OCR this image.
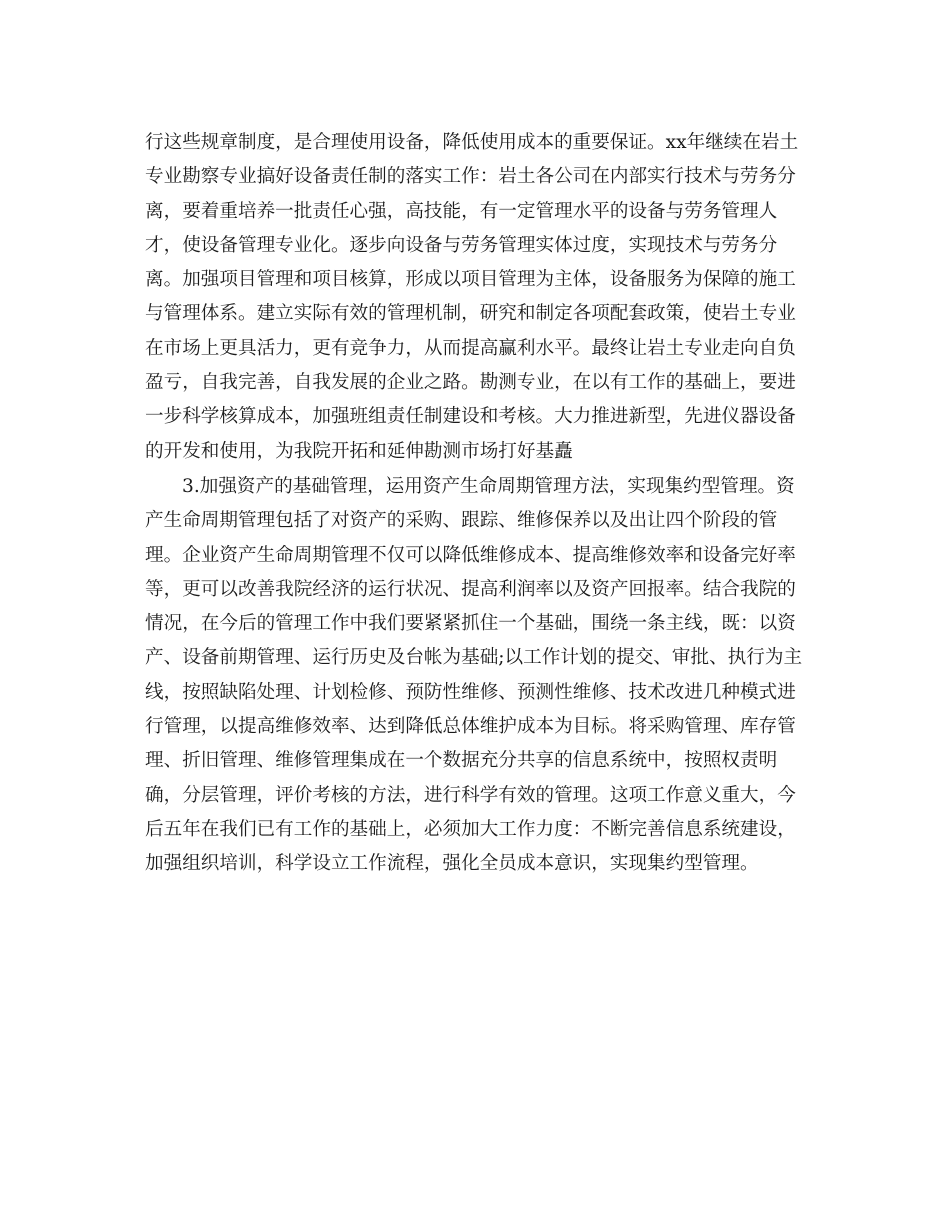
行这些规章制度，是合理使用设备，降低使用成本的重要保证。xx年继续在岩土
专业勘察专业搞好设备责任制的落实工作：岩土各公司在内部实行技术与劳务分
离，要着重培养一批责任心强，高技能，有一定管理水平的设备与劳务管理人
才，使设备管理专业化。逐步向设备与劳务管理实体过度，实现技术与劳务分
离。加强项目管理和项目核算，形成以项目管理为主体，设备服务为保障的施工
与管理体系。建立实际有效的管理机制，研究和制定各项配套政策，使岩土专业
在市场上更具活力，更有竞争力，从而提高赢利水平。最终让岩土专业走向自负
盈亏，自我完善，自我发展的企业之路。勘测专业，在以有工作的基础上，要进
一步科学核算成本，加强班组责任制建设和考核。大力推进新型，先进仪器设备
的开发和使用，为我院开拓和延伸勘测市场打好基矗
3.加强资产的基础管理，运用资产生命周期管理方法，实现集约型管理。资
产生命周期管理包括了对资产的采购、跟踪、维修保养以及出让四个阶段的管
理。企业资产生命周期管理不仅可以降低维修成本、提高维修效率和设备完好率
等，更可以改善我院经济的运行状况、提高利润率以及资产回报率。结合我院的
情况，在今后的管理工作中我们要紧紧抓住一个基础，围绕一条主线，既：以资
产、设备前期管理、运行历史及台帐为基础;以工作计划的提交、审批、执行为主
线，按照缺陷处理、计划检修、预防性维修、预测性维修、技术改进几种模式进
行管理，以提高维修效率、达到降低总体维护成本为目标。将采购管理、库存管
理、折旧管理、维修管理集成在一个数据充分共享的信息系统中，按照权责明
确，分层管理，评价考核的方法，进行科学有效的管理。这项工作意义重大，今
后五年在我们已有工作的基础上，必须加大工作力度：不断完善信息系统建设，
加强组织培训，科学设立工作流程，强化全员成本意识，实现集约型管理。
